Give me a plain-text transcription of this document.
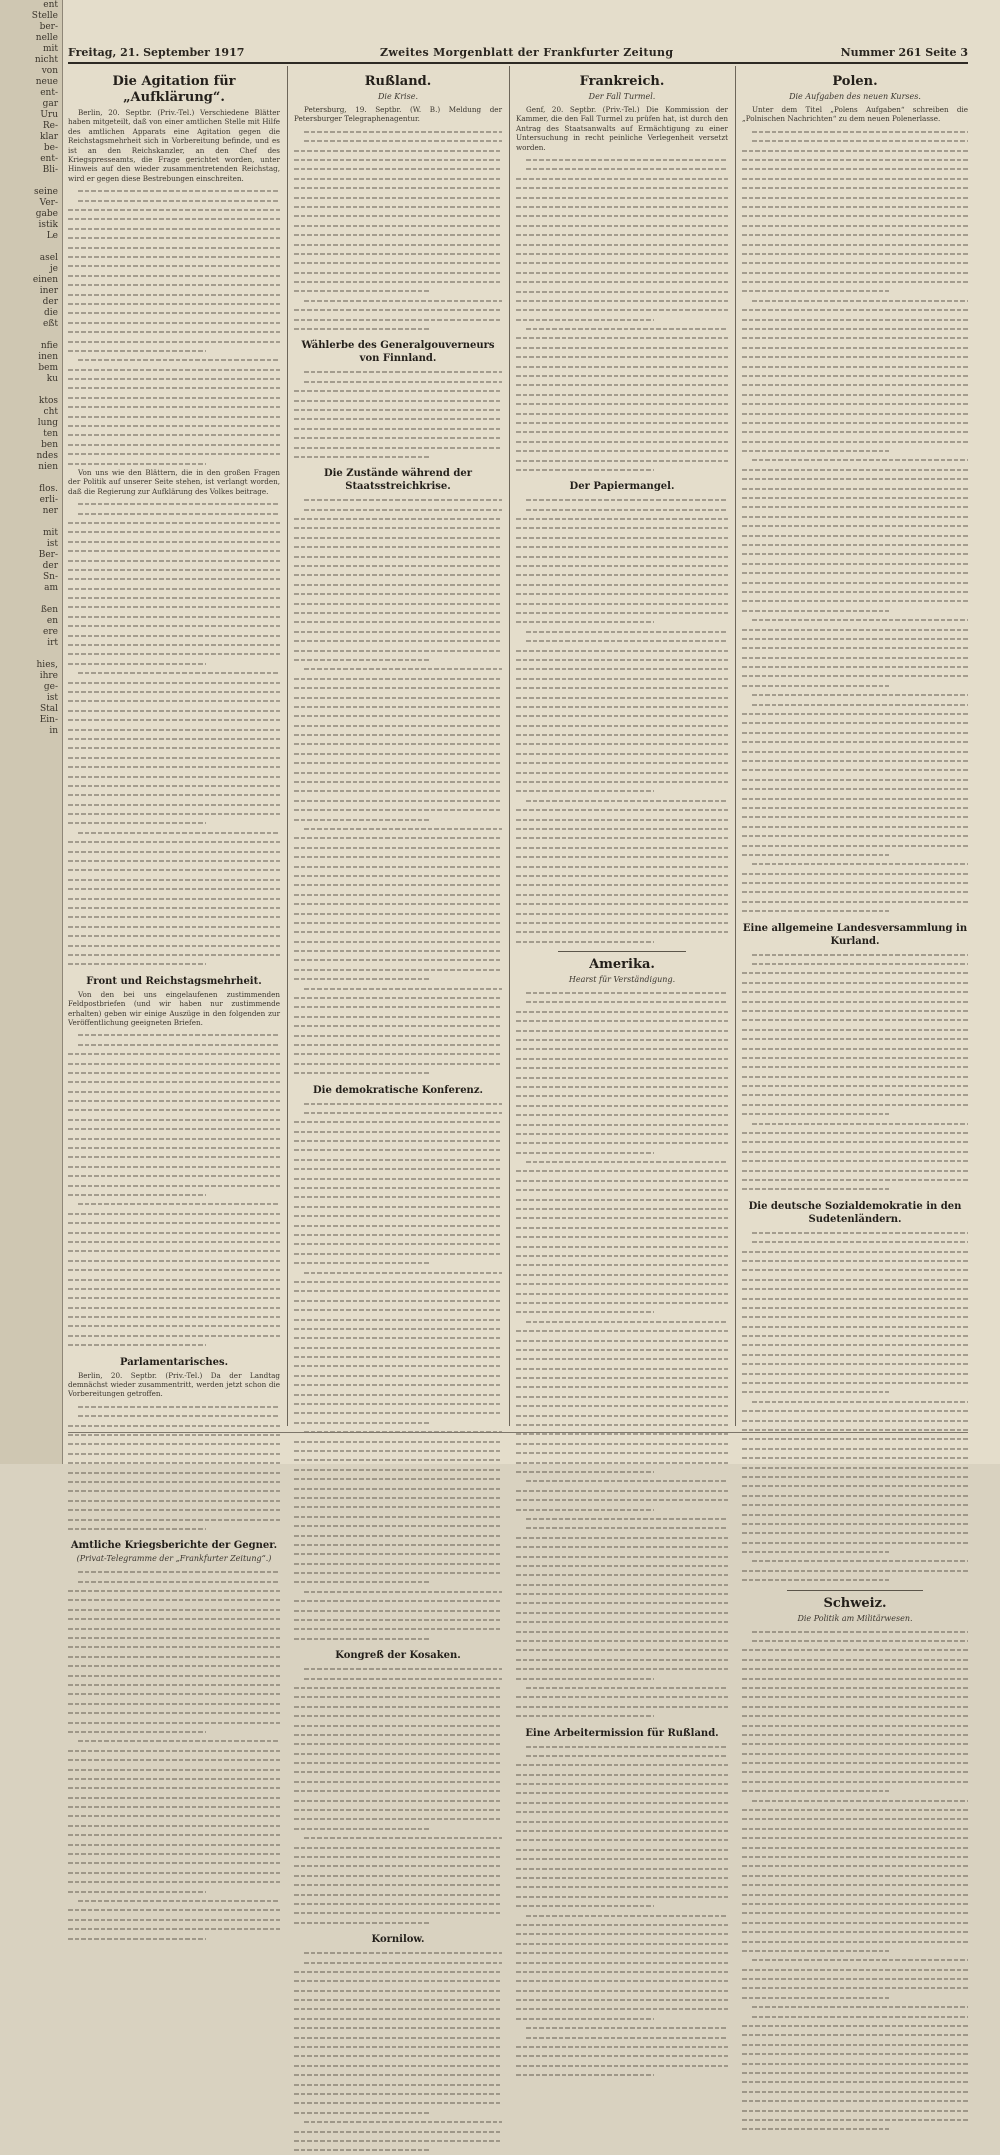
ent
Stelle
ber-
nelle
mit
nicht
von
neue
ent-
gar
Uru
Re-
klar
be-
ent-
Bli-

seine
Ver-
gabe
istik
Le

asel
je
einen
iner
der
die
eßt

nfie
inen
bem
ku

ktos
cht
lung
ten
ben
ndes
nien

flos.
erli-
ner

mit
ist
Ber-
der
Sn-
am

ßen
en
ere
irt

hies,
ihre
ge-
ist
Stal
Ein-
in
Freitag, 21. September 1917	Zweites Morgenblatt der Frankfurter Zeitung	Nummer 261 Seite 3
Die Agitation für „Aufklärung“.

Berlin, 20. Septbr. (Priv.-Tel.) Verschiedene Blätter haben mitgeteilt, daß von einer amtlichen Stelle mit Hilfe des amtlichen Apparats eine Agitation gegen die Reichstagsmehrheit sich in Vorbereitung befinde, und es ist an den Reichskanzler, an den Chef des Kriegspresseamts, die Frage gerichtet worden, unter Hinweis auf den wieder zusammentretenden Reichstag, wird er gegen diese Bestrebungen einschreiten.

Von uns wie den Blättern, die in den großen Fragen der Politik auf unserer Seite stehen, ist verlangt worden, daß die Regierung zur Aufklärung des Volkes beitrage.

Front und Reichstagsmehrheit.

Von den bei uns eingelaufenen zustimmenden Feldpostbriefen (und wir haben nur zustimmende erhalten) geben wir einige Auszüge in den folgenden zur Veröffentlichung geeigneten Briefen.

Parlamentarisches.

Berlin, 20. Septbr. (Priv.-Tel.) Da der Landtag demnächst wieder zusammentritt, werden jetzt schon die Vorbereitungen getroffen.

Amtliche Kriegsberichte der Gegner.
(Privat-Telegramme der „Frankfurter Zeitung“.)
Rußland.
Die Krise.

Petersburg, 19. Septbr. (W. B.) Meldung der Petersburger Telegraphenagentur.

Wählerbe des Generalgouverneurs von Finnland.
Die Zustände während der Staatsstreichkrise.
Die demokratische Konferenz.
Kongreß der Kosaken.
Kornilow.
Frankreich.
Der Fall Turmel.

Genf, 20. Septbr. (Priv.-Tel.) Die Kommission der Kammer, die den Fall Turmel zu prüfen hat, ist durch den Antrag des Staatsanwalts auf Ermächtigung zu einer Untersuchung in recht peinliche Verlegenheit versetzt worden.

Der Papiermangel.
Amerika.
Hearst für Verständigung.
Eine Arbeitermission für Rußland.
Polen.
Die Aufgaben des neuen Kurses.

Unter dem Titel „Polens Aufgaben“ schreiben die „Polnischen Nachrichten“ zu dem neuen Polenerlasse.

Eine allgemeine Landesversammlung in Kurland.
Die deutsche Sozialdemokratie in den Sudetenländern.
Schweiz.
Die Politik am Militärwesen.
